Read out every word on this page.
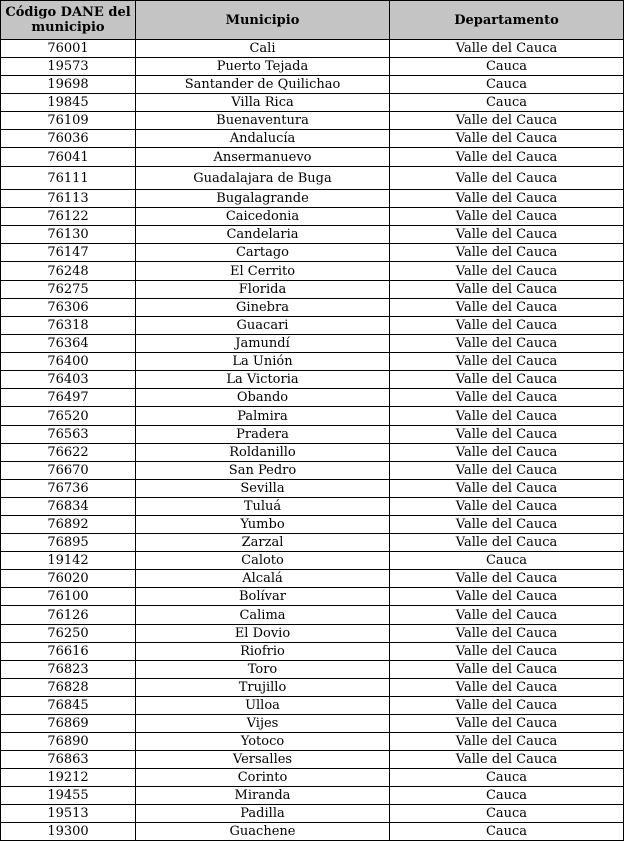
Código DANE del municipio	Municipio	Departamento
76001	Cali	Valle del Cauca
19573	Puerto Tejada	Cauca
19698	Santander de Quilichao	Cauca
19845	Villa Rica	Cauca
76109	Buenaventura	Valle del Cauca
76036	Andalucía	Valle del Cauca
76041	Ansermanuevo	Valle del Cauca
76111	Guadalajara de Buga	Valle del Cauca
76113	Bugalagrande	Valle del Cauca
76122	Caicedonia	Valle del Cauca
76130	Candelaria	Valle del Cauca
76147	Cartago	Valle del Cauca
76248	El Cerrito	Valle del Cauca
76275	Florida	Valle del Cauca
76306	Ginebra	Valle del Cauca
76318	Guacari	Valle del Cauca
76364	Jamundí	Valle del Cauca
76400	La Unión	Valle del Cauca
76403	La Victoria	Valle del Cauca
76497	Obando	Valle del Cauca
76520	Palmira	Valle del Cauca
76563	Pradera	Valle del Cauca
76622	Roldanillo	Valle del Cauca
76670	San Pedro	Valle del Cauca
76736	Sevilla	Valle del Cauca
76834	Tuluá	Valle del Cauca
76892	Yumbo	Valle del Cauca
76895	Zarzal	Valle del Cauca
19142	Caloto	Cauca
76020	Alcalá	Valle del Cauca
76100	Bolívar	Valle del Cauca
76126	Calima	Valle del Cauca
76250	El Dovio	Valle del Cauca
76616	Riofrio	Valle del Cauca
76823	Toro	Valle del Cauca
76828	Trujillo	Valle del Cauca
76845	Ulloa	Valle del Cauca
76869	Vijes	Valle del Cauca
76890	Yotoco	Valle del Cauca
76863	Versalles	Valle del Cauca
19212	Corinto	Cauca
19455	Miranda	Cauca
19513	Padilla	Cauca
19300	Guachene	Cauca
